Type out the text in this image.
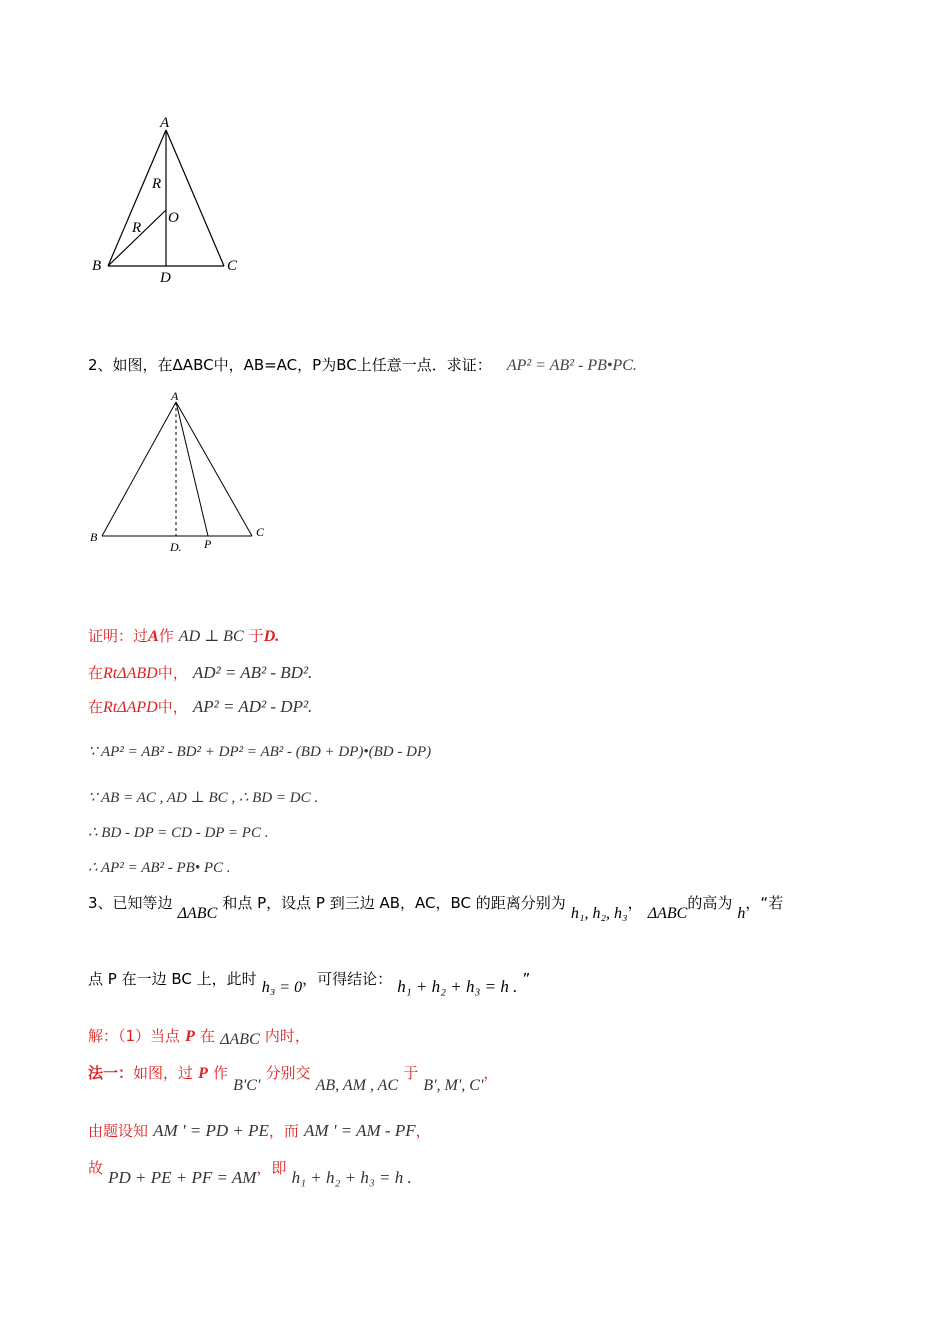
A
R
O
R
B
D
C
2、如图，在ΔABC中，AB=AC，P为BC上任意一点．求证： AP² = AB² - PB•PC.
A
B
D. P
C
证明：过A作 AD ⊥ BC 于D.
在RtΔABD中， AD² = AB² - BD².
在RtΔAPD中， AP² = AD² - DP².
∵ AP² = AB² - BD² + DP² = AB² - (BD + DP)•(BD - DP)
∵ AB = AC , AD ⊥ BC , ∴ BD = DC .
∴ BD - DP = CD - DP = PC .
∴ AP² = AB² - PB• PC .
3、已知等边 ΔABC 和点 P，设点 P 到三边 AB，AC，BC 的距离分别为 h₁, h₂, h₃， ΔABC的高为 h，“若
点 P 在一边 BC 上，此时 h₃ = 0，可得结论： h₁ + h₂ + h₃ = h . ”
解：（1）当点 P 在 ΔABC 内时，
法一：如图，过 P 作 B'C' 分别交 AB, AM , AC 于 B', M', C'，
由题设知 AM ' = PD + PE，而 AM ' = AM - PF，
故 PD + PE + PF = AM，即 h₁ + h₂ + h₃ = h .
